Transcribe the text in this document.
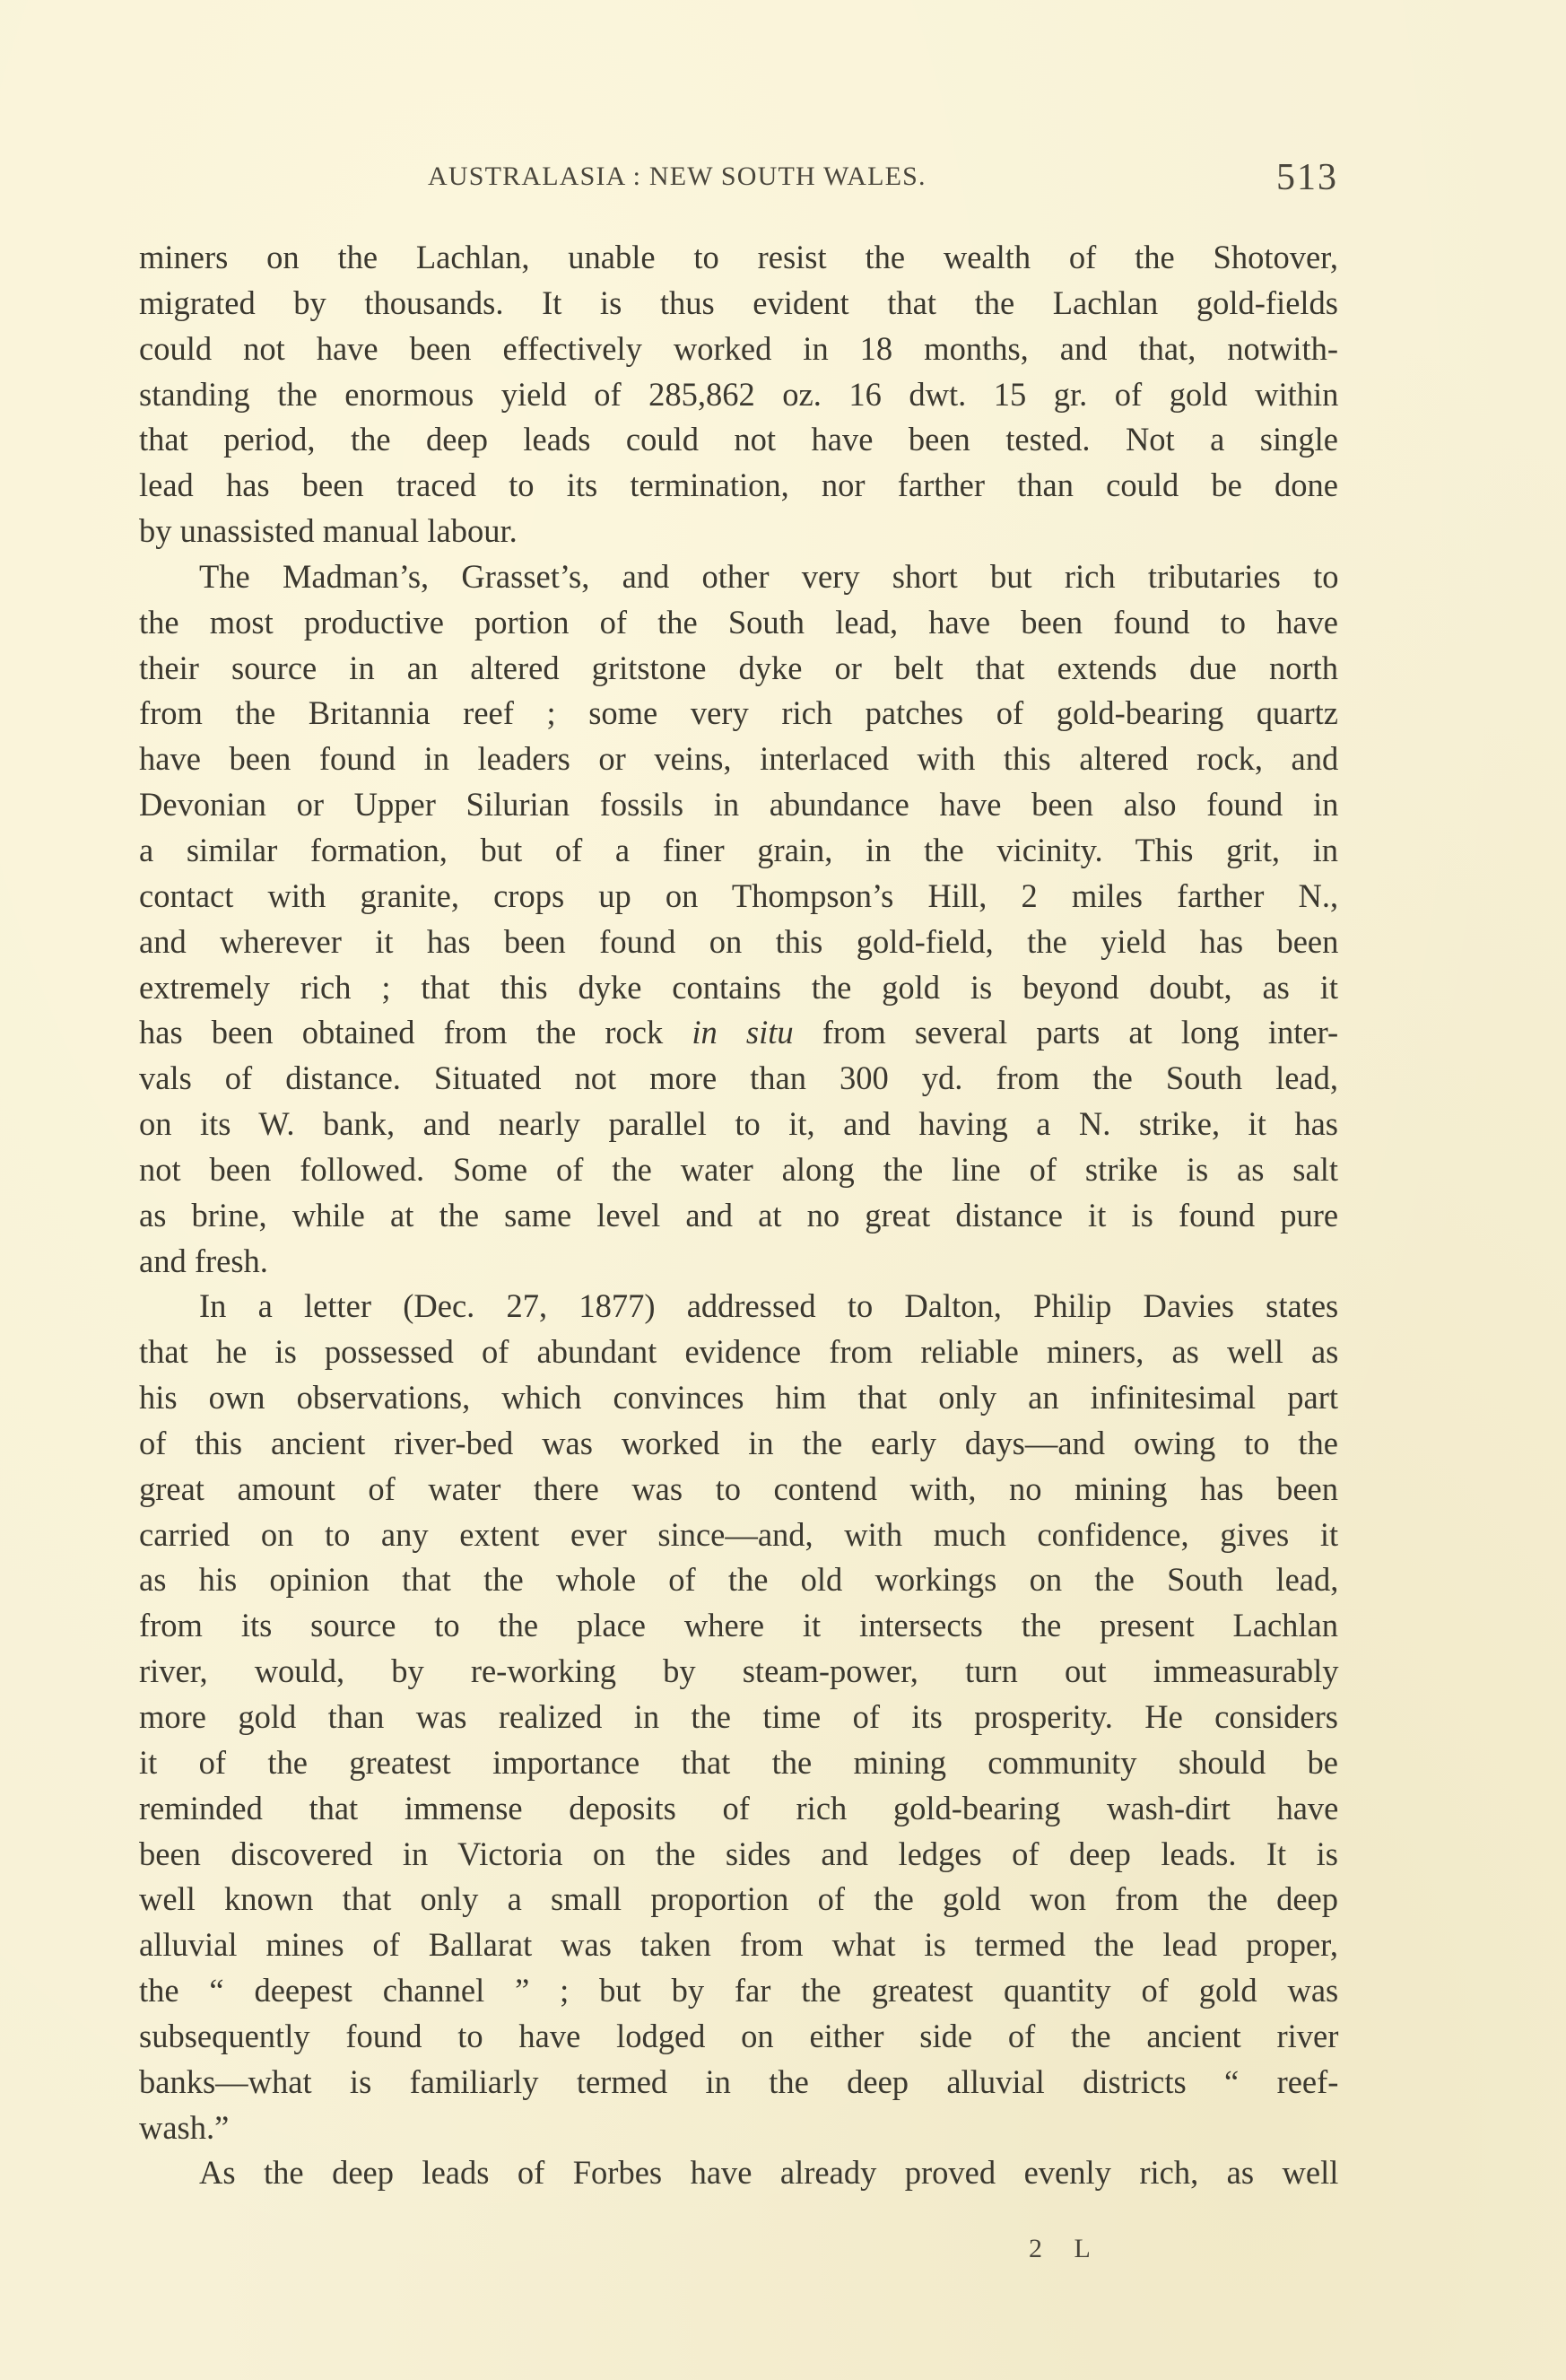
AUSTRALASIA : NEW SOUTH WALES.	513
miners on the Lachlan, unable to resist the wealth of the Shotover,
migrated by thousands. It is thus evident that the Lachlan gold-fields
could not have been effectively worked in 18 months, and that, notwith-
standing the enormous yield of 285,862 oz. 16 dwt. 15 gr. of gold within
that period, the deep leads could not have been tested. Not a single
lead has been traced to its termination, nor farther than could be done
by unassisted manual labour.
The Madman’s, Grasset’s, and other very short but rich tributaries to
the most productive portion of the South lead, have been found to have
their source in an altered gritstone dyke or belt that extends due north
from the Britannia reef ; some very rich patches of gold-bearing quartz
have been found in leaders or veins, interlaced with this altered rock, and
Devonian or Upper Silurian fossils in abundance have been also found in
a similar formation, but of a finer grain, in the vicinity. This grit, in
contact with granite, crops up on Thompson’s Hill, 2 miles farther N.,
and wherever it has been found on this gold-field, the yield has been
extremely rich ; that this dyke contains the gold is beyond doubt, as it
has been obtained from the rock in situ from several parts at long inter-
vals of distance. Situated not more than 300 yd. from the South lead,
on its W. bank, and nearly parallel to it, and having a N. strike, it has
not been followed. Some of the water along the line of strike is as salt
as brine, while at the same level and at no great distance it is found pure
and fresh.
In a letter (Dec. 27, 1877) addressed to Dalton, Philip Davies states
that he is possessed of abundant evidence from reliable miners, as well as
his own observations, which convinces him that only an infinitesimal part
of this ancient river-bed was worked in the early days—and owing to the
great amount of water there was to contend with, no mining has been
carried on to any extent ever since—and, with much confidence, gives it
as his opinion that the whole of the old workings on the South lead,
from its source to the place where it intersects the present Lachlan
river, would, by re-working by steam-power, turn out immeasurably
more gold than was realized in the time of its prosperity. He considers
it of the greatest importance that the mining community should be
reminded that immense deposits of rich gold-bearing wash-dirt have
been discovered in Victoria on the sides and ledges of deep leads. It is
well known that only a small proportion of the gold won from the deep
alluvial mines of Ballarat was taken from what is termed the lead proper,
the “ deepest channel ” ; but by far the greatest quantity of gold was
subsequently found to have lodged on either side of the ancient river
banks—what is familiarly termed in the deep alluvial districts “ reef-
wash.”
As the deep leads of Forbes have already proved evenly rich, as well
2 L
